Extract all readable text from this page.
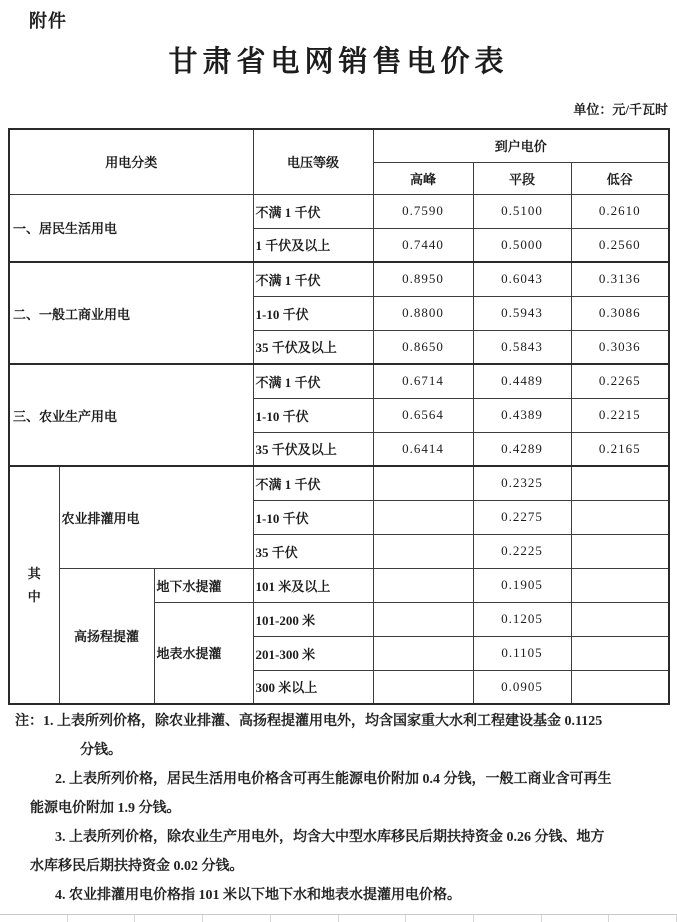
附件
甘肃省电网销售电价表
单位：元/千瓦时
用电分类			电压等级	到户电价		
				高峰	平段	低谷
一、居民生活用电			不满 1 千伏	0.7590	0.5100	0.2610
			1 千伏及以上	0.7440	0.5000	0.2560
二、一般工商业用电			不满 1 千伏	0.8950	0.6043	0.3136
			1-10 千伏	0.8800	0.5943	0.3086
			35 千伏及以上	0.8650	0.5843	0.3036
三、农业生产用电			不满 1 千伏	0.6714	0.4489	0.2265
			1-10 千伏	0.6564	0.4389	0.2215
			35 千伏及以上	0.6414	0.4289	0.2165
其中	农业排灌用电		不满 1 千伏		0.2325	
			1-10 千伏		0.2275	
			35 千伏		0.2225	
	高扬程提灌	地下水提灌	101 米及以上		0.1905	
		地表水提灌	101-200 米		0.1205	
			201-300 米		0.1105	
			300 米以上		0.0905	
注：1. 上表所列价格，除农业排灌、高扬程提灌用电外，均含国家重大水利工程建设基金 0.1125
分钱。
2. 上表所列价格，居民生活用电价格含可再生能源电价附加 0.4 分钱，一般工商业含可再生
能源电价附加 1.9 分钱。
3. 上表所列价格，除农业生产用电外，均含大中型水库移民后期扶持资金 0.26 分钱、地方
水库移民后期扶持资金 0.02 分钱。
4. 农业排灌用电价格指 101 米以下地下水和地表水提灌用电价格。
